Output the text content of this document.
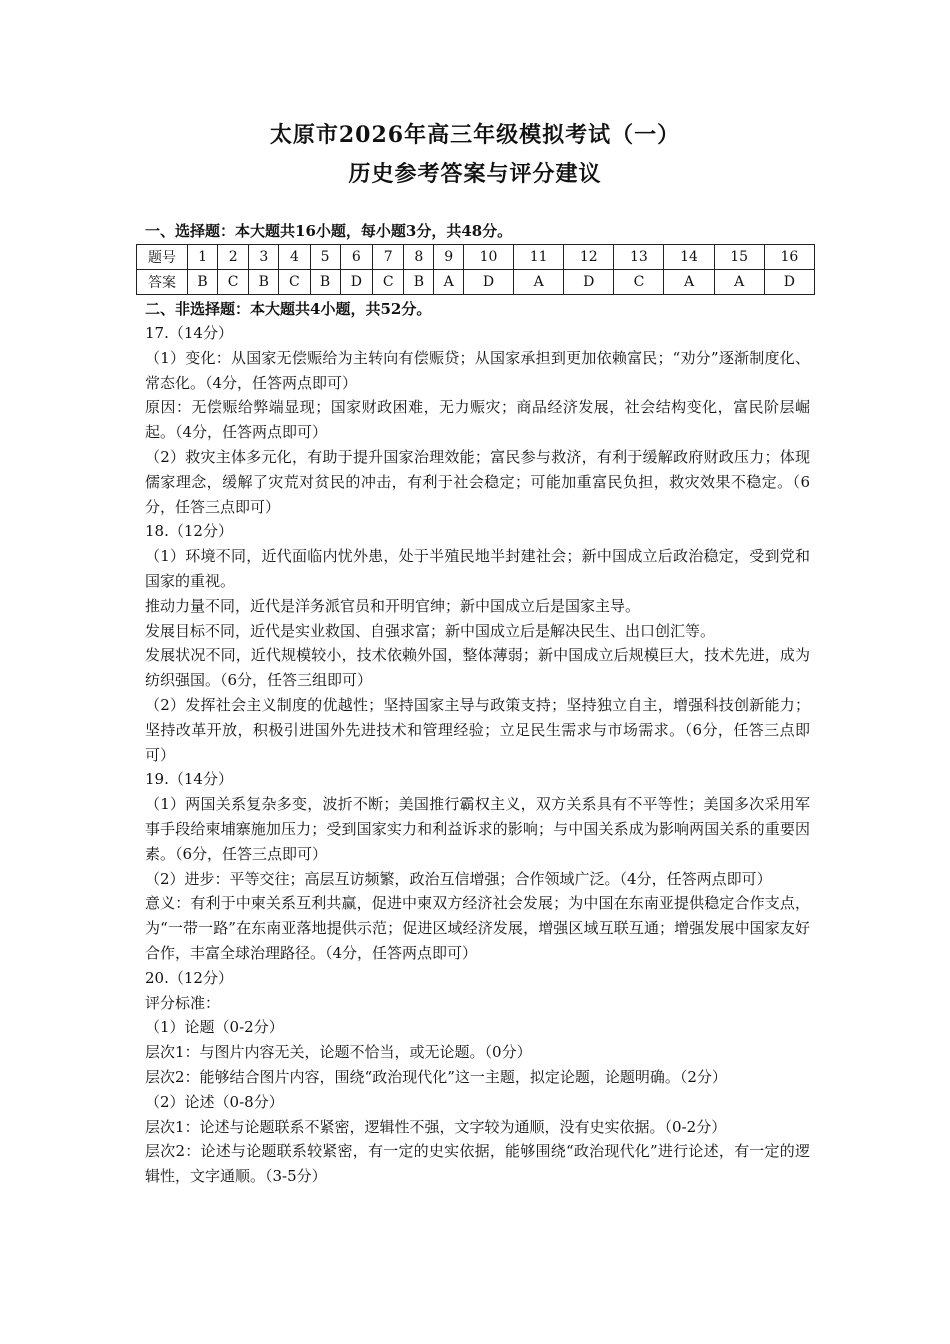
太原市2026年高三年级模拟考试（一）
历史参考答案与评分建议
一、选择题：本大题共16小题，每小题3分，共48分。
题号	1	2	3	4	5	6	7	8	9	10	11	12	13	14	15	16
答案	B	C	B	C	B	D	C	B	A	D	A	D	C	A	A	D
二、非选择题：本大题共4小题，共52分。

17.（14分）

（1）变化：从国家无偿赈给为主转向有偿赈贷；从国家承担到更加依赖富民；“劝分”逐渐制度化、常态化。（4分，任答两点即可）

原因：无偿赈给弊端显现；国家财政困难，无力赈灾；商品经济发展，社会结构变化，富民阶层崛起。（4分，任答两点即可）

（2）救灾主体多元化，有助于提升国家治理效能；富民参与救济，有利于缓解政府财政压力；体现儒家理念，缓解了灾荒对贫民的冲击，有利于社会稳定；可能加重富民负担，救灾效果不稳定。（6分，任答三点即可）

18.（12分）

（1）环境不同，近代面临内忧外患，处于半殖民地半封建社会；新中国成立后政治稳定，受到党和国家的重视。

推动力量不同，近代是洋务派官员和开明官绅；新中国成立后是国家主导。

发展目标不同，近代是实业救国、自强求富；新中国成立后是解决民生、出口创汇等。

发展状况不同，近代规模较小，技术依赖外国，整体薄弱；新中国成立后规模巨大，技术先进，成为纺织强国。（6分，任答三组即可）

（2）发挥社会主义制度的优越性；坚持国家主导与政策支持；坚持独立自主，增强科技创新能力；坚持改革开放，积极引进国外先进技术和管理经验；立足民生需求与市场需求。（6分，任答三点即可）

19.（14分）

（1）两国关系复杂多变，波折不断；美国推行霸权主义，双方关系具有不平等性；美国多次采用军事手段给柬埔寨施加压力；受到国家实力和利益诉求的影响；与中国关系成为影响两国关系的重要因素。（6分，任答三点即可）

（2）进步：平等交往；高层互访频繁，政治互信增强；合作领域广泛。（4分，任答两点即可）

意义：有利于中柬关系互利共赢，促进中柬双方经济社会发展；为中国在东南亚提供稳定合作支点，为“一带一路”在东南亚落地提供示范；促进区域经济发展，增强区域互联互通；增强发展中国家友好合作，丰富全球治理路径。（4分，任答两点即可）

20.（12分）

评分标准：

（1）论题（0-2分）

层次1：与图片内容无关，论题不恰当，或无论题。（0分）

层次2：能够结合图片内容，围绕“政治现代化”这一主题，拟定论题，论题明确。（2分）

（2）论述（0-8分）

层次1：论述与论题联系不紧密，逻辑性不强，文字较为通顺，没有史实依据。（0-2分）

层次2：论述与论题联系较紧密，有一定的史实依据，能够围绕“政治现代化”进行论述，有一定的逻辑性，文字通顺。（3-5分）
